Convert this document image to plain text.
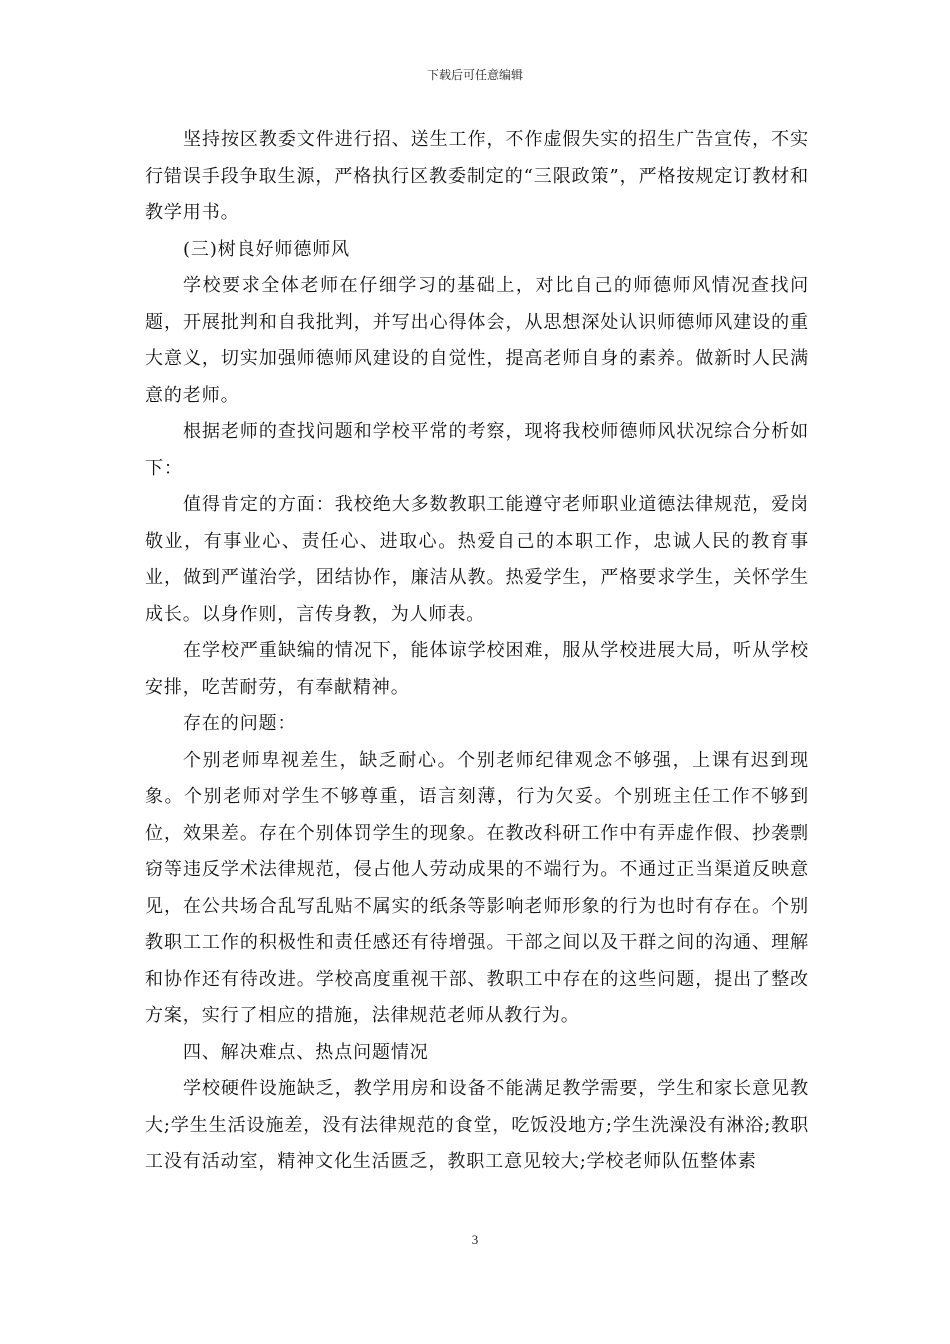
下载后可任意编辑

坚持按区教委文件进行招、送生工作，不作虚假失实的招生广告宣传，不实行错误手段争取生源，严格执行区教委制定的“三限政策”，严格按规定订教材和教学用书。

(三)树良好师德师风

学校要求全体老师在仔细学习的基础上，对比自己的师德师风情况查找问题，开展批判和自我批判，并写出心得体会，从思想深处认识师德师风建设的重大意义，切实加强师德师风建设的自觉性，提高老师自身的素养。做新时人民满意的老师。

根据老师的查找问题和学校平常的考察，现将我校师德师风状况综合分析如下：

值得肯定的方面：我校绝大多数教职工能遵守老师职业道德法律规范，爱岗敬业，有事业心、责任心、进取心。热爱自己的本职工作，忠诚人民的教育事业，做到严谨治学，团结协作，廉洁从教。热爱学生，严格要求学生，关怀学生成长。以身作则，言传身教，为人师表。

在学校严重缺编的情况下，能体谅学校困难，服从学校进展大局，听从学校安排，吃苦耐劳，有奉献精神。

存在的问题：

个别老师卑视差生，缺乏耐心。个别老师纪律观念不够强，上课有迟到现象。个别老师对学生不够尊重，语言刻薄，行为欠妥。个别班主任工作不够到位，效果差。存在个别体罚学生的现象。在教改科研工作中有弄虚作假、抄袭剽窃等违反学术法律规范，侵占他人劳动成果的不端行为。不通过正当渠道反映意见，在公共场合乱写乱贴不属实的纸条等影响老师形象的行为也时有存在。个别教职工工作的积极性和责任感还有待增强。干部之间以及干群之间的沟通、理解和协作还有待改进。学校高度重视干部、教职工中存在的这些问题，提出了整改方案，实行了相应的措施，法律规范老师从教行为。

四、解决难点、热点问题情况

学校硬件设施缺乏，教学用房和设备不能满足教学需要，学生和家长意见教大;学生生活设施差，没有法律规范的食堂，吃饭没地方;学生洗澡没有淋浴;教职工没有活动室，精神文化生活匮乏，教职工意见较大;学校老师队伍整体素

3
